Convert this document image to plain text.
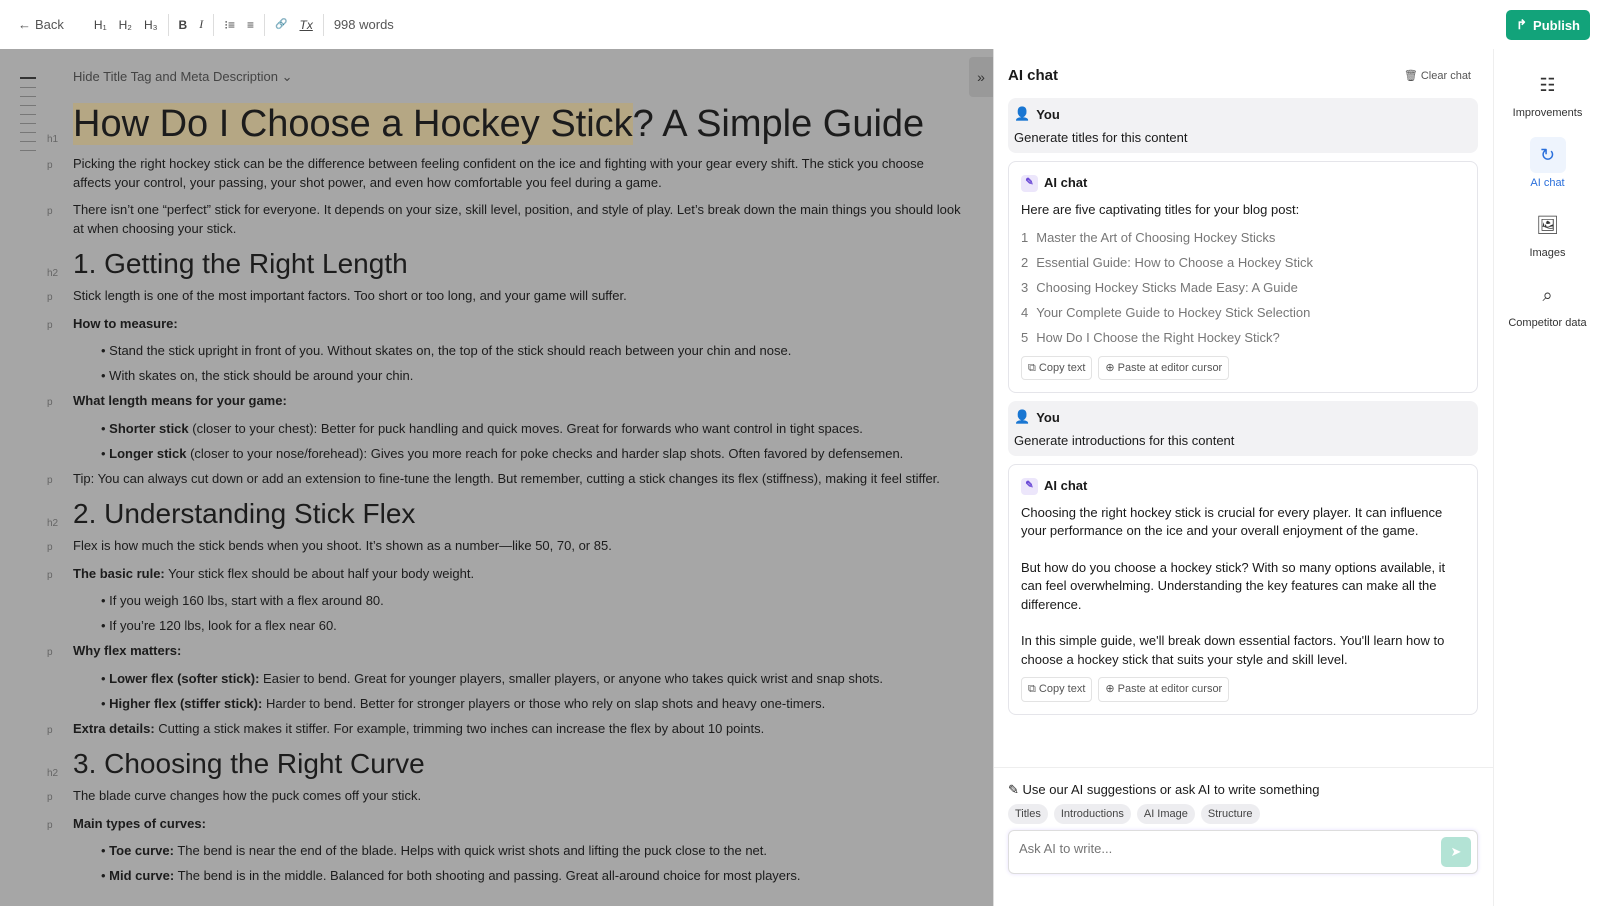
← Back	H₁	H₂	H₃	B	I	⁝≡	≡	🔗	Tx	998 words	↱ Publish
Hide Title Tag and Meta Description ⌄	»
h1 How Do I Choose a Hockey Stick? A Simple Guide
p Picking the right hockey stick can be the difference between feeling confident on the ice and fighting with your gear every shift. The stick you choose affects your control, your passing, your shot power, and even how comfortable you feel during a game.
p There isn’t one “perfect” stick for everyone. It depends on your size, skill level, position, and style of play. Let’s break down the main things you should look at when choosing your stick.
h2 1. Getting the Right Length
p Stick length is one of the most important factors. Too short or too long, and your game will suffer.
p How to measure:
• Stand the stick upright in front of you. Without skates on, the top of the stick should reach between your chin and nose.
• With skates on, the stick should be around your chin.
p What length means for your game:
• Shorter stick (closer to your chest): Better for puck handling and quick moves. Great for forwards who want control in tight spaces.
• Longer stick (closer to your nose/forehead): Gives you more reach for poke checks and harder slap shots. Often favored by defensemen.
p Tip: You can always cut down or add an extension to fine-tune the length. But remember, cutting a stick changes its flex (stiffness), making it feel stiffer.
h2 2. Understanding Stick Flex
p Flex is how much the stick bends when you shoot. It’s shown as a number—like 50, 70, or 85.
p The basic rule: Your stick flex should be about half your body weight.
• If you weigh 160 lbs, start with a flex around 80.
• If you’re 120 lbs, look for a flex near 60.
p Why flex matters:
• Lower flex (softer stick): Easier to bend. Great for younger players, smaller players, or anyone who takes quick wrist and snap shots.
• Higher flex (stiffer stick): Harder to bend. Better for stronger players or those who rely on slap shots and heavy one-timers.
p Extra details: Cutting a stick makes it stiffer. For example, trimming two inches can increase the flex by about 10 points.
h2 3. Choosing the Right Curve
p The blade curve changes how the puck comes off your stick.
p Main types of curves:
• Toe curve: The bend is near the end of the blade. Helps with quick wrist shots and lifting the puck close to the net.
• Mid curve: The bend is in the middle. Balanced for both shooting and passing. Great all-around choice for most players.
AI chat	🗑 Clear chat
👤 You
Generate titles for this content
✎ AI chat
Here are five captivating titles for your blog post:
1 Master the Art of Choosing Hockey Sticks
2 Essential Guide: How to Choose a Hockey Stick
3 Choosing Hockey Sticks Made Easy: A Guide
4 Your Complete Guide to Hockey Stick Selection
5 How Do I Choose the Right Hockey Stick?
⧉ Copy text	⊕ Paste at editor cursor
👤 You
Generate introductions for this content
✎ AI chat

Choosing the right hockey stick is crucial for every player. It can influence your performance on the ice and your overall enjoyment of the game.

But how do you choose a hockey stick? With so many options available, it can feel overwhelming. Understanding the key features can make all the difference.

In this simple guide, we'll break down essential factors. You'll learn how to choose a hockey stick that suits your style and skill level.

⧉ Copy text	⊕ Paste at editor cursor
✎ Use our AI suggestions or ask AI to write something
Titles	Introductions	AI Image	Structure
Ask AI to write...
➤
☷
Improvements
↻
AI chat
🖼
Images
⌕
Competitor data
